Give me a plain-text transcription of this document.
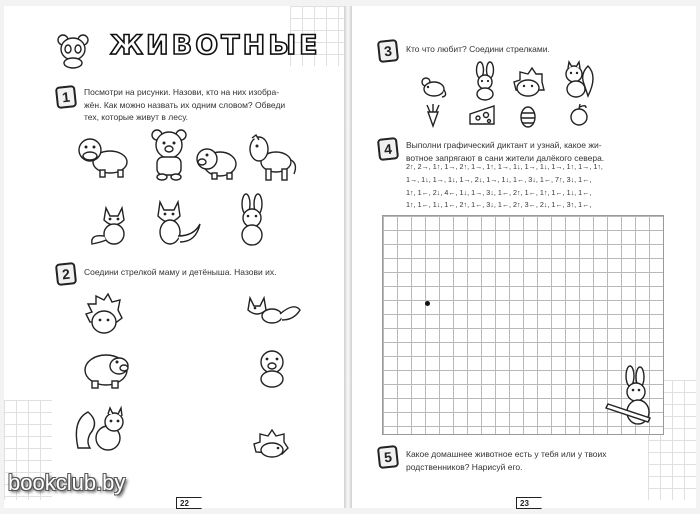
ЖИВОТНЫЕ
1	Посмотри на рисунки. Назови, кто на них изобра-
жён. Как можно назвать их одним словом? Обведи
тех, которые живут в лесу.
2	Соедини стрелкой маму и детёныша. Назови их.
22
3	Кто что любит? Соедини стрелками.
4	Выполни графический диктант и узнай, какое жи-
вотное запрягают в сани жители далёкого севера.
2↑, 2→, 1↑, 1→, 2↑, 1→, 1↑, 1→, 1↓, 1→, 1↓, 1→, 1↑, 1→, 1↑,
1→, 1↓, 1→, 1↓, 1→, 2↓, 1→, 1↓, 1←, 3↓, 1←, 7↑, 3↓, 1←,
1↑, 1←, 2↓, 4←, 1↓, 1→, 3↓, 1←, 2↑, 1←, 1↑, 1←, 1↓, 1←,
1↑, 1←, 1↓, 1←, 2↑, 1←, 3↓, 1←, 2↑, 3←, 2↓, 1←, 3↑, 1←,
5	Какое домашнее животное есть у тебя или у твоих
родственников? Нарисуй его.
23
bookclub.by
